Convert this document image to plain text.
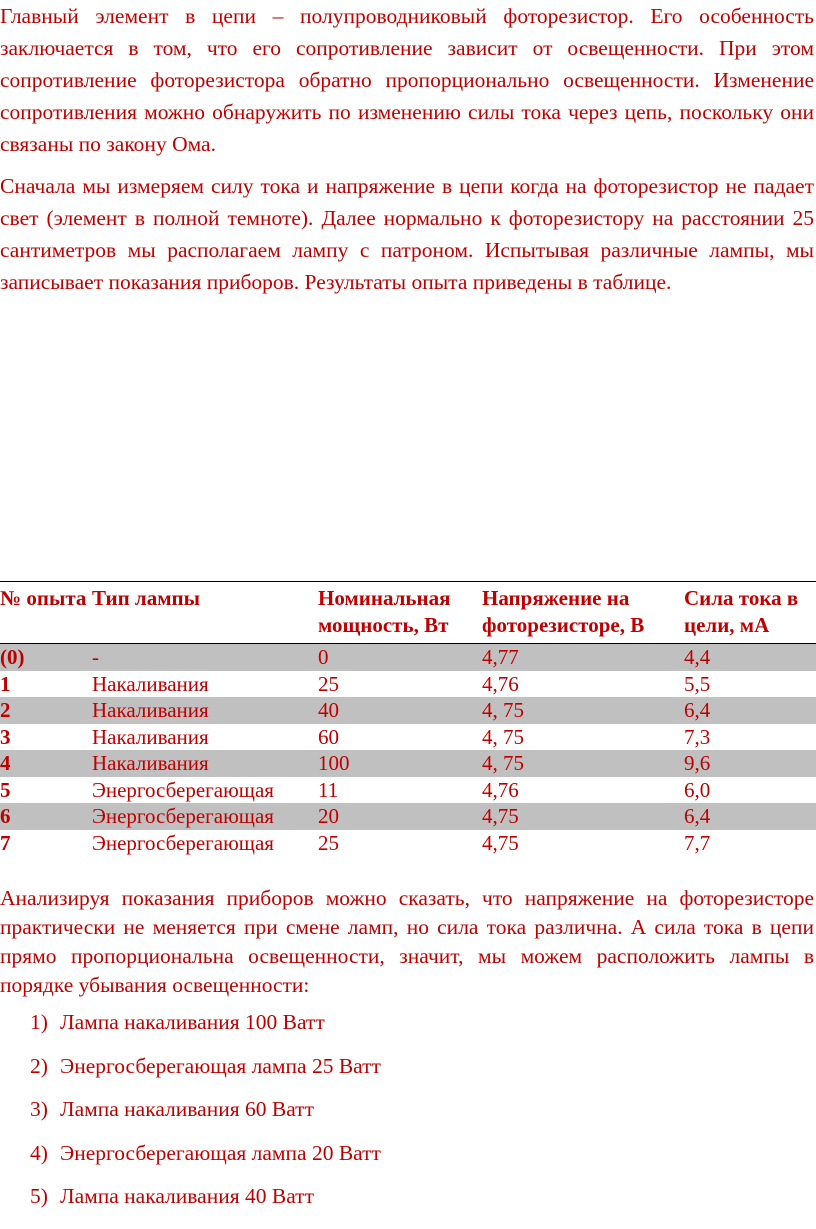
Главный элемент в цепи – полупроводниковый фоторезистор. Его особенность заключается в том, что его сопротивление зависит от освещенности. При этом сопротивление фоторезистора обратно пропорционально освещенности. Изменение сопротивления можно обнаружить по изменению силы тока через цепь, поскольку они связаны по закону Ома.

Сначала мы измеряем силу тока и напряжение в цепи когда на фоторезистор не падает свет (элемент в полной темноте). Далее нормально к фоторезистору на расстоянии 25 сантиметров мы располагаем лампу с патроном. Испытывая различные лампы, мы записывает показания приборов. Результаты опыта приведены в таблице.

№ опыта	Тип лампы	Номинальная мощность, Вт	Напряжение на фоторезисторе, В	Сила тока в цели, мА
(0)	-	0	4,77	4,4
1	Накаливания	25	4,76	5,5
2	Накаливания	40	4, 75	6,4
3	Накаливания	60	4, 75	7,3
4	Накаливания	100	4, 75	9,6
5	Энергосберегающая	11	4,76	6,0
6	Энергосберегающая	20	4,75	6,4
7	Энергосберегающая	25	4,75	7,7

Анализируя показания приборов можно сказать, что напряжение на фоторезисторе практически не меняется при смене ламп, но сила тока различна. А сила тока в цепи прямо пропорциональна освещенности, значит, мы можем расположить лампы в порядке убывания освещенности:

1) Лампа накаливания 100 Ватт
2) Энергосберегающая лампа 25 Ватт
3) Лампа накаливания 60 Ватт
4) Энергосберегающая лампа 20 Ватт
5) Лампа накаливания 40 Ватт
